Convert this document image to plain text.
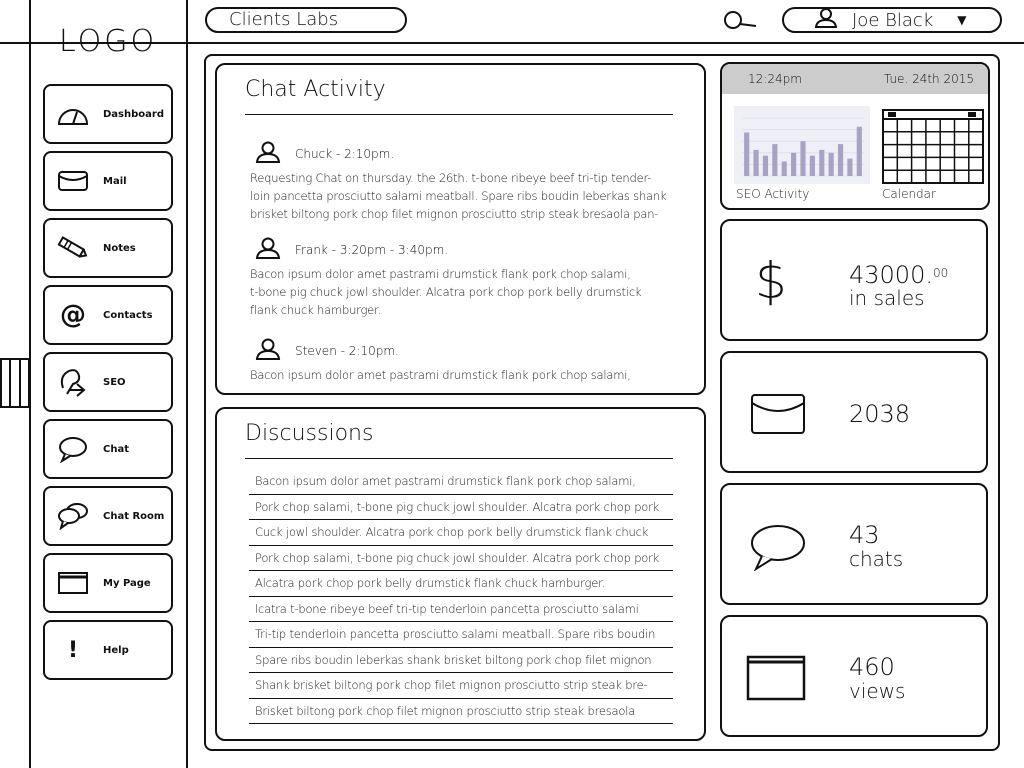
LOGO
Dashboard
Mail
Notes
@	Contacts
SEO
Chat
Chat Room
My Page
!	Help
Clients Labs	Joe Black ▼
Chat Activity
Chuck - 2:10pm.
Requesting Chat on thursday. the 26th. t-bone ribeye beef tri-tip tender-
loin pancetta prosciutto salami meatball. Spare ribs boudin leberkas shank
brisket biltong pork chop filet mignon prosciutto strip steak bresaola pan-
Frank - 3:20pm - 3:40pm.
Bacon ipsum dolor amet pastrami drumstick flank pork chop salami,
t-bone pig chuck jowl shoulder. Alcatra pork chop pork belly drumstick
flank chuck hamburger.
Steven - 2:10pm.
Bacon ipsum dolor amet pastrami drumstick flank pork chop salami,
Discussions
Bacon ipsum dolor amet pastrami drumstick flank pork chop salami,
Pork chop salami, t-bone pig chuck jowl shoulder. Alcatra pork chop pork
Cuck jowl shoulder. Alcatra pork chop pork belly drumstick flank chuck
Pork chop salami, t-bone pig chuck jowl shoulder. Alcatra pork chop pork
Alcatra pork chop pork belly drumstick flank chuck hamburger.
lcatra t-bone ribeye beef tri-tip tenderloin pancetta prosciutto salami
Tri-tip tenderloin pancetta prosciutto salami meatball. Spare ribs boudin
Spare ribs boudin leberkas shank brisket biltong pork chop filet mignon
Shank brisket biltong pork chop filet mignon prosciutto strip steak bre-
Brisket biltong pork chop filet mignon prosciutto strip steak bresaola
12:24pm	Tue. 24th 2015
SEO Activity	Calendar
$	43000.00
in sales
2038
43
chats
460
views
